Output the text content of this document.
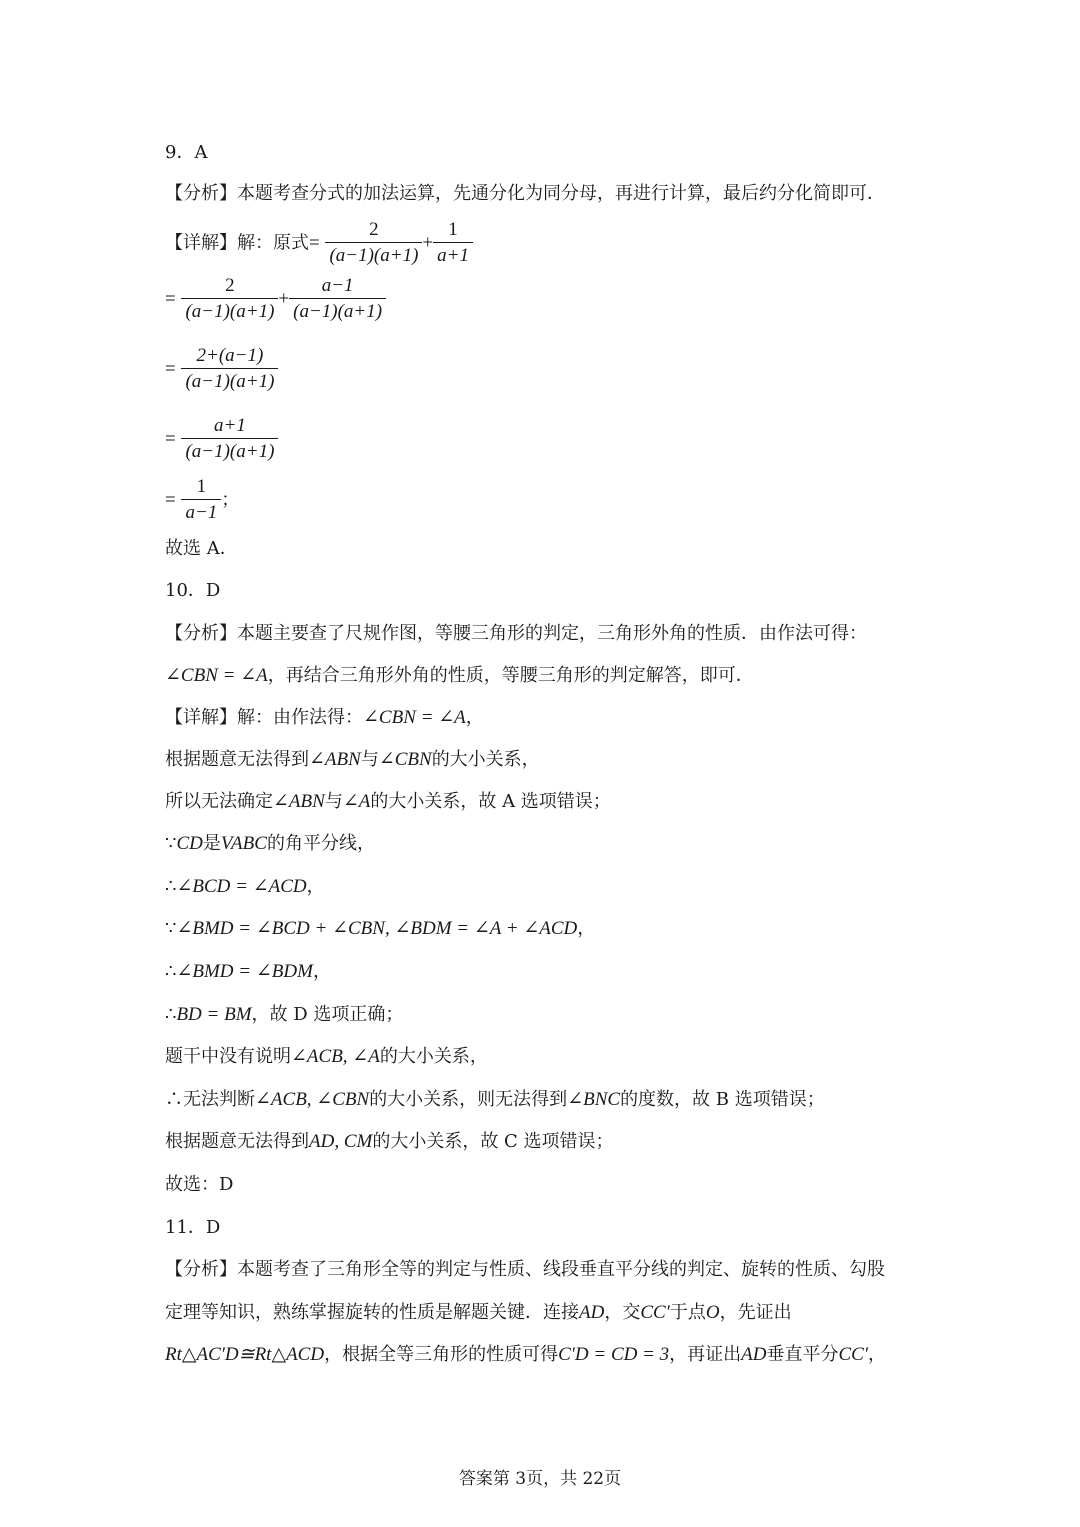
9．A
【分析】本题考查分式的加法运算，先通分化为同分母，再进行计算，最后约分化简即可．
【详解】解：原式= $\frac{2}{(a-1)(a+1)} + \frac{1}{a+1}$
= $\frac{2}{(a-1)(a+1)} + \frac{a-1}{(a-1)(a+1)}$
= $\frac{2+(a-1)}{(a-1)(a+1)}$
= $\frac{a+1}{(a-1)(a+1)}$
= $\frac{1}{a-1}$ ；
故选 A．
10．D
【分析】本题主要查了尺规作图，等腰三角形的判定，三角形外角的性质．由作法可得：
∠CBN = ∠A，再结合三角形外角的性质，等腰三角形的判定解答，即可．
【详解】解：由作法得：∠CBN = ∠A，
根据题意无法得到∠ABN与∠CBN的大小关系，
所以无法确定∠ABN与∠A的大小关系，故 A 选项错误；
∵CD是VABC的角平分线，
∴∠BCD = ∠ACD，
∵∠BMD = ∠BCD + ∠CBN, ∠BDM = ∠A + ∠ACD，
∴∠BMD = ∠BDM，
∴BD = BM，故 D 选项正确；
题干中没有说明∠ACB, ∠A的大小关系，
∴无法判断∠ACB, ∠CBN的大小关系，则无法得到∠BNC的度数，故 B 选项错误；
根据题意无法得到AD, CM的大小关系，故 C 选项错误；
故选：D
11．D
【分析】本题考查了三角形全等的判定与性质、线段垂直平分线的判定、旋转的性质、勾股
定理等知识，熟练掌握旋转的性质是解题关键．连接AD，交CC′于点O，先证出
Rt△AC′D≅Rt△ACD，根据全等三角形的性质可得C′D = CD = 3，再证出AD垂直平分CC′，
答案第 3页，共 22页
